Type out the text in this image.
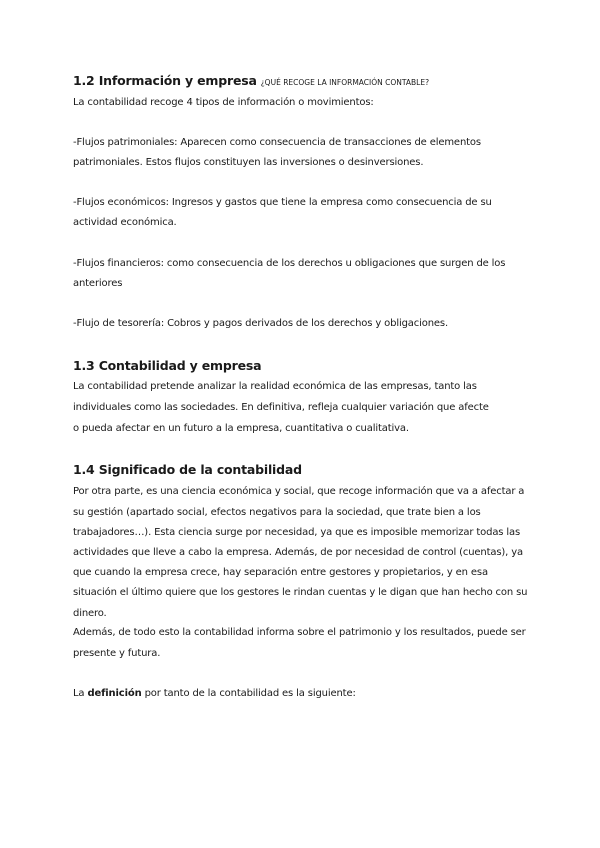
1.2 Información y empresa ¿QUÉ RECOGE LA INFORMACIÓN CONTABLE?
La contabilidad recoge 4 tipos de información o movimientos:
-Flujos patrimoniales: Aparecen como consecuencia de transacciones de elementos
patrimoniales. Estos flujos constituyen las inversiones o desinversiones.
-Flujos económicos: Ingresos y gastos que tiene la empresa como consecuencia de su
actividad económica.
-Flujos financieros: como consecuencia de los derechos u obligaciones que surgen de los
anteriores
-Flujo de tesorería: Cobros y pagos derivados de los derechos y obligaciones.
1.3 Contabilidad y empresa
La contabilidad pretende analizar la realidad económica de las empresas, tanto las
individuales como las sociedades. En definitiva, refleja cualquier variación que afecte
o pueda afectar en un futuro a la empresa, cuantitativa o cualitativa.
1.4 Significado de la contabilidad
Por otra parte, es una ciencia económica y social, que recoge información que va a afectar a
su gestión (apartado social, efectos negativos para la sociedad, que trate bien a los
trabajadores…). Esta ciencia surge por necesidad, ya que es imposible memorizar todas las
actividades que lleve a cabo la empresa. Además, de por necesidad de control (cuentas), ya
que cuando la empresa crece, hay separación entre gestores y propietarios, y en esa
situación el último quiere que los gestores le rindan cuentas y le digan que han hecho con su
dinero.
Además, de todo esto la contabilidad informa sobre el patrimonio y los resultados, puede ser
presente y futura.
La definición por tanto de la contabilidad es la siguiente:
